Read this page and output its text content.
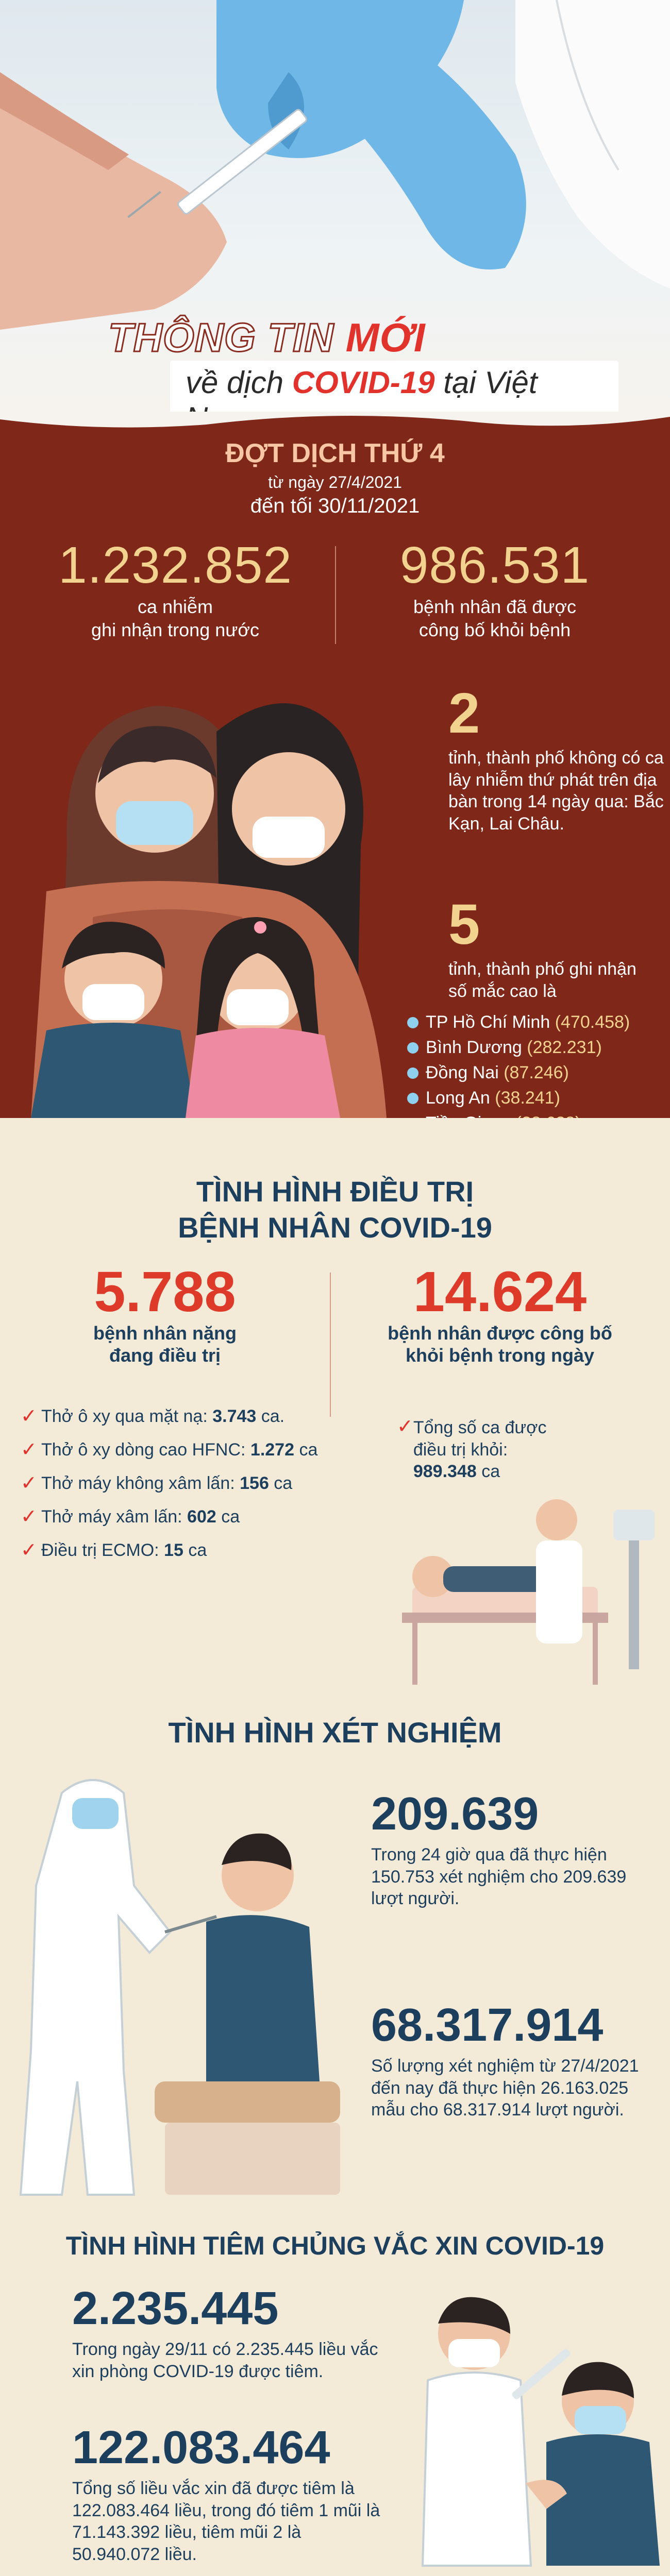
THÔNG TIN MỚI
về dịch COVID-19 tại Việt
ĐỢT DỊCH THỨ 4
từ ngày 27/4/2021
đến tối 30/11/2021
1.232.852
ca nhiễm
ghi nhận trong nước
986.531
bệnh nhân đã được
công bố khỏi bệnh
2
tỉnh, thành phố không có ca lây nhiễm thứ phát trên địa bàn trong 14 ngày qua: Bắc Kạn, Lai Châu.
5
tỉnh, thành phố ghi nhận số mắc cao là
TP Hồ Chí Minh
(470.458)
Bình Dương
(282.231)
Đồng Nai
(87.246)
Long An
(38.241)

TÌNH HÌNH ĐIỀU TRỊ
BỆNH NHÂN COVID-19
5.788
bệnh nhân nặng
đang điều trị
14.624
bệnh nhân được công bố
khỏi bệnh trong ngày
✓ Thở ô xy qua mặt nạ: 3.743 ca.
✓ Thở ô xy dòng cao HFNC: 1.272 ca
✓ Thở máy không xâm lấn: 156 ca
✓ Thở máy xâm lấn: 602 ca
✓ Điều trị ECMO: 15 ca
✓ Tổng số ca được điều trị khỏi: 989.348 ca
TÌNH HÌNH XÉT NGHIỆM
209.639
Trong 24 giờ qua đã thực hiện 150.753 xét nghiệm cho 209.639 lượt người.
68.317.914
Số lượng xét nghiệm từ 27/4/2021 đến nay đã thực hiện 26.163.025 mẫu cho 68.317.914 lượt người.
TÌNH HÌNH TIÊM CHỦNG VẮC XIN COVID-19
2.235.445
Trong ngày 29/11 có 2.235.445 liều vắc xin phòng COVID-19 được tiêm.
122.083.464
Tổng số liều vắc xin đã được tiêm là 122.083.464 liều, trong đó tiêm 1 mũi là 71.143.392 liều, tiêm mũi 2 là 50.940.072 liều.
